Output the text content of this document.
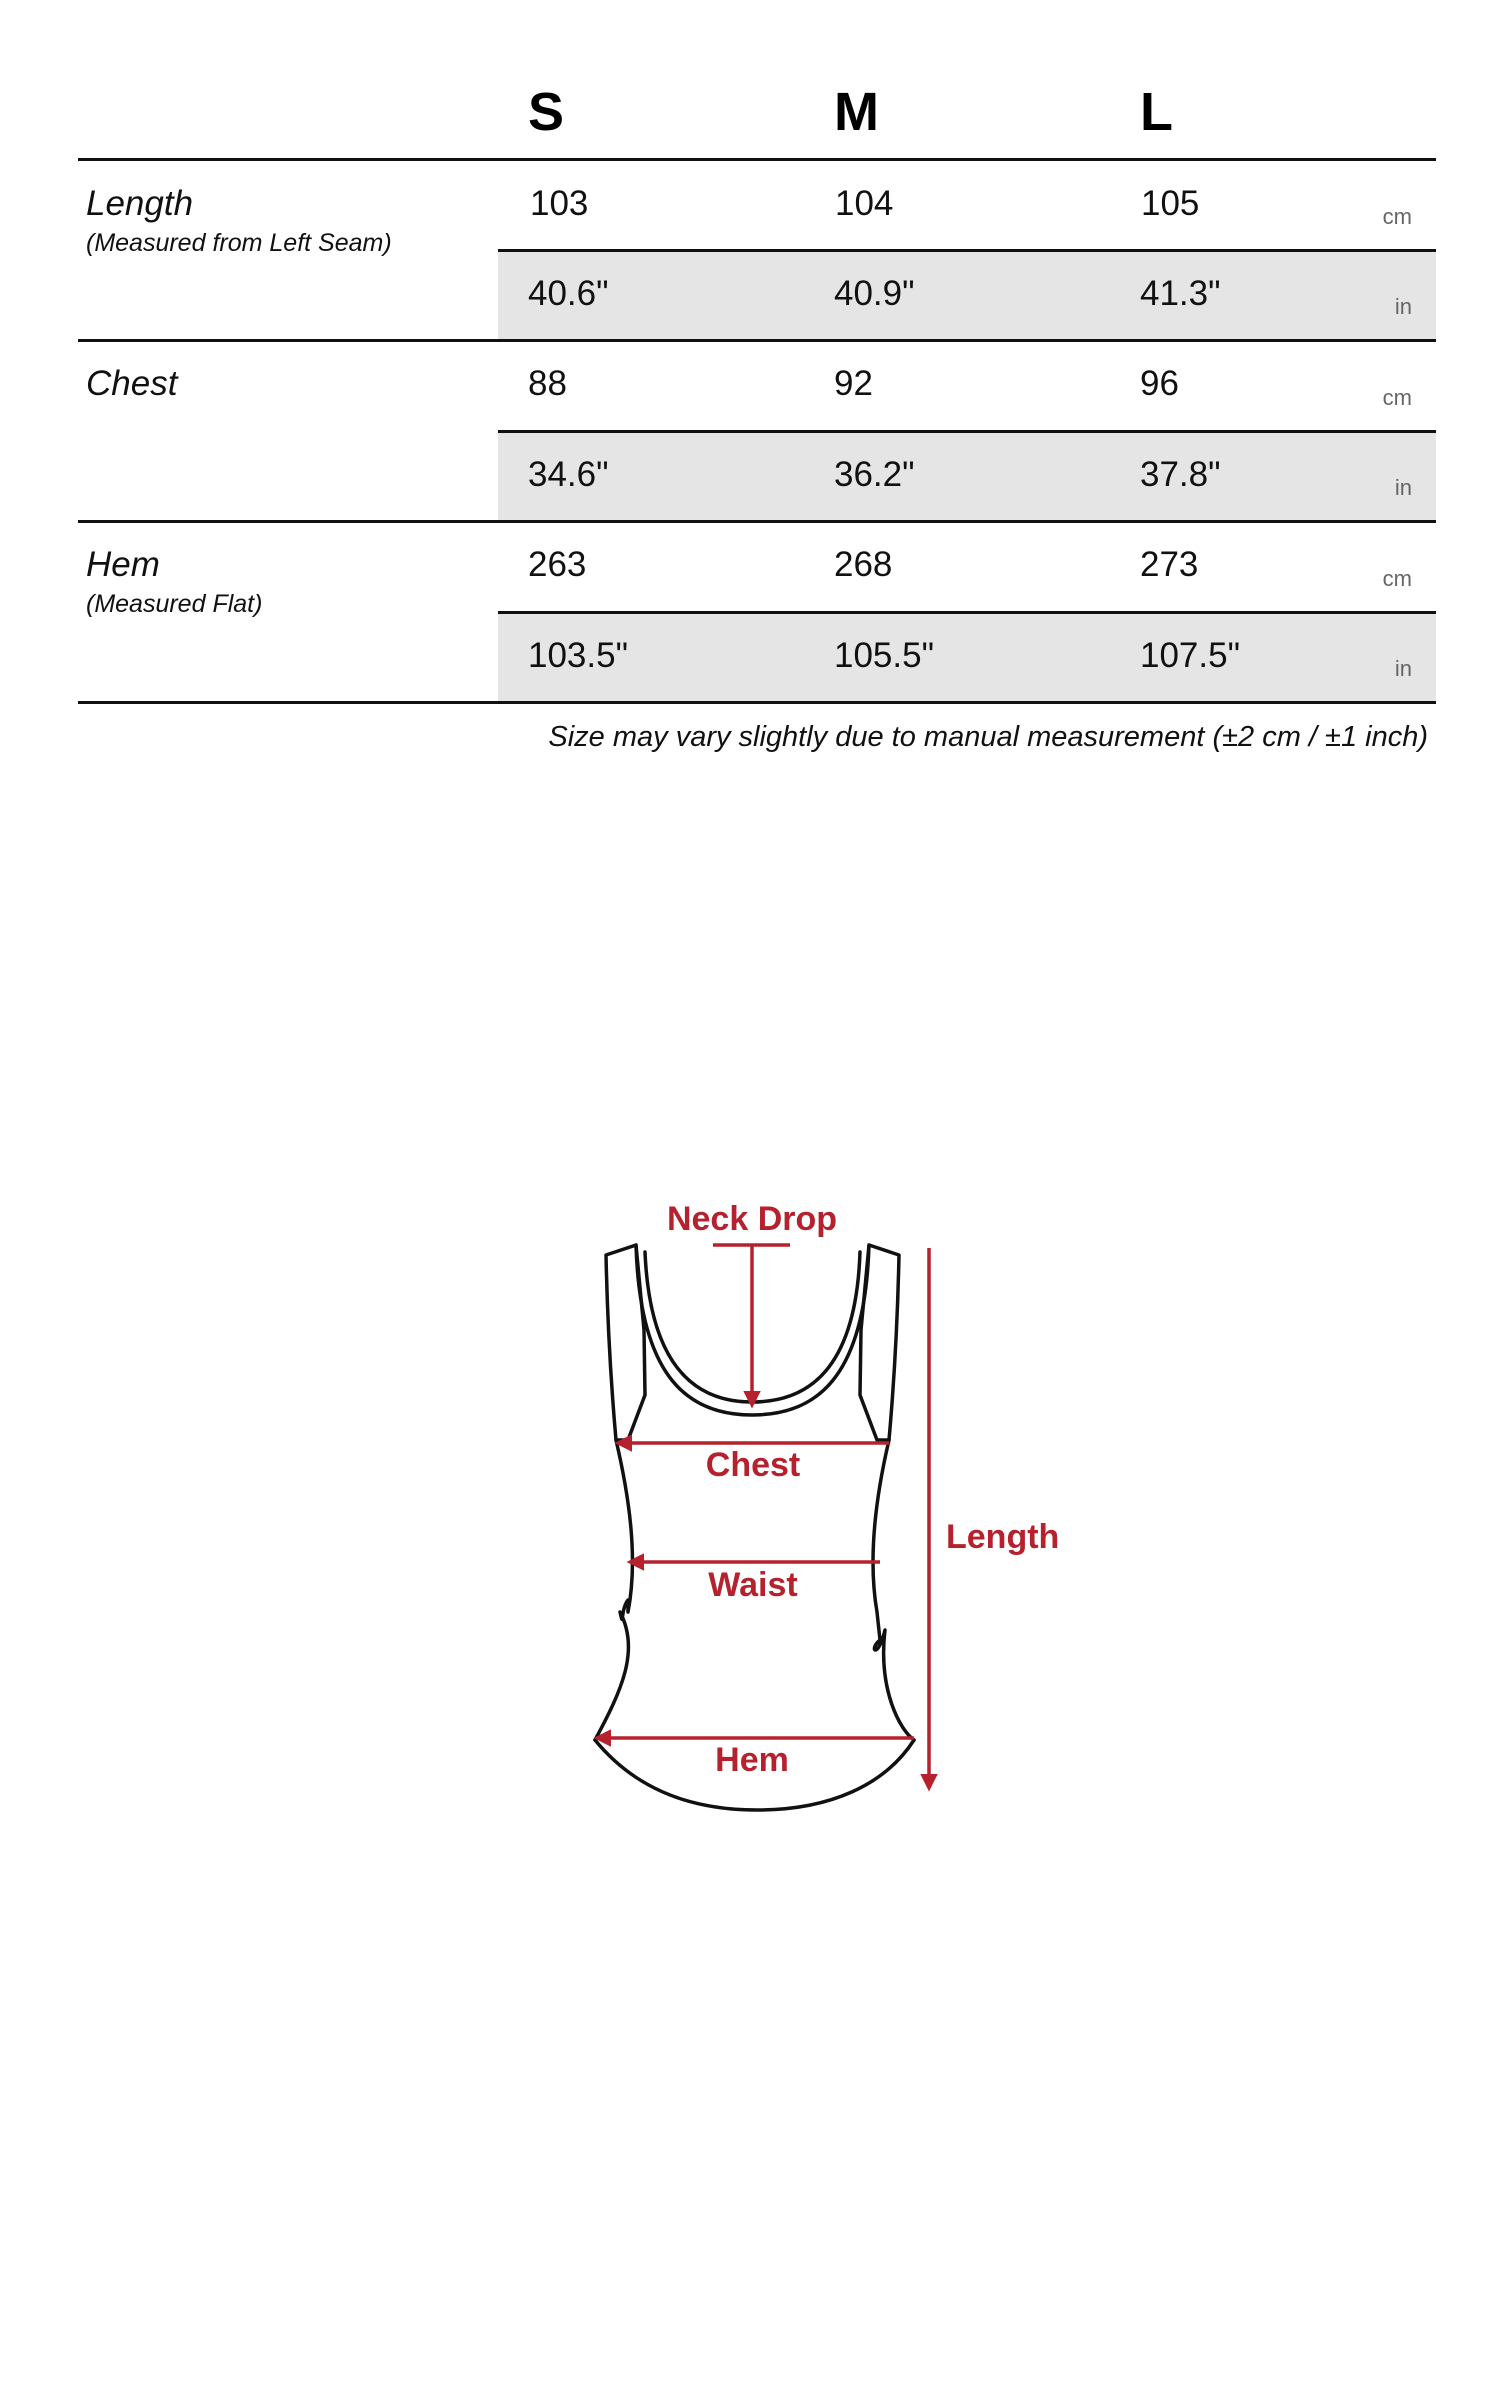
S	M	L
Length
(Measured from Left Seam)
103	104	105	cm
40.6"	40.9"	41.3"	in
Chest	88	92	96	cm
34.6"	36.2"	37.8"	in
Hem
(Measured Flat)
263	268	273	cm
103.5"	105.5"	107.5"	in
Size may vary slightly due to manual measurement (±2 cm / ±1 inch)
Neck Drop
Chest
Waist
Hem
Length
